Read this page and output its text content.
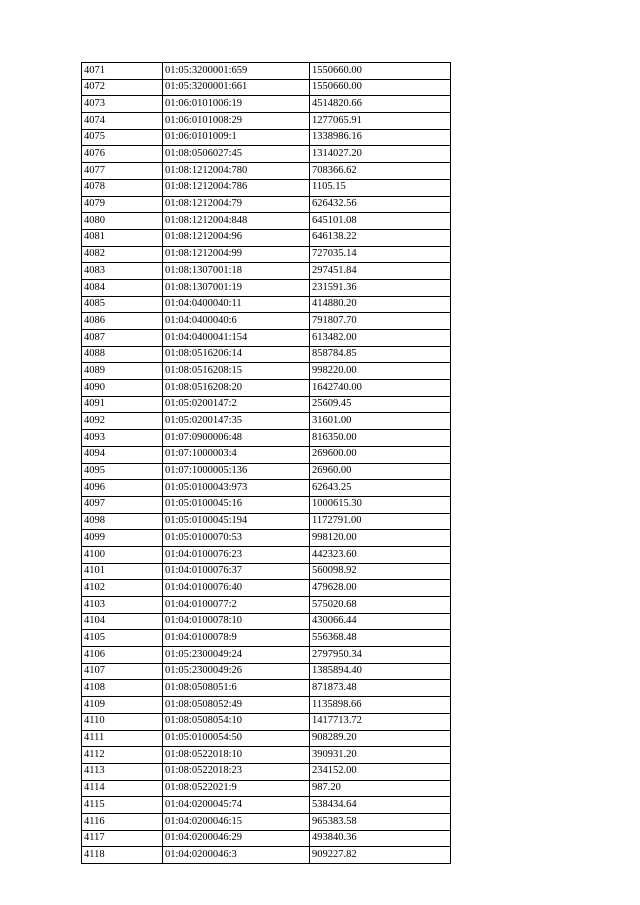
4071	01:05:3200001:659	1550660.00
4072	01:05:3200001:661	1550660.00
4073	01:06:0101006:19	4514820.66
4074	01:06:0101008:29	1277065.91
4075	01:06:0101009:1	1338986.16
4076	01:08:0506027:45	1314027.20
4077	01:08:1212004:780	708366.62
4078	01:08:1212004:786	1105.15
4079	01:08:1212004:79	626432.56
4080	01:08:1212004:848	645101.08
4081	01:08:1212004:96	646138.22
4082	01:08:1212004:99	727035.14
4083	01:08:1307001:18	297451.84
4084	01:08:1307001:19	231591.36
4085	01:04:0400040:11	414880.20
4086	01:04:0400040:6	791807.70
4087	01:04:0400041:154	613482.00
4088	01:08:0516206:14	858784.85
4089	01:08:0516208:15	998220.00
4090	01:08:0516208:20	1642740.00
4091	01:05:0200147:2	25609.45
4092	01:05:0200147:35	31601.00
4093	01:07:0900006:48	816350.00
4094	01:07:1000003:4	269600.00
4095	01:07:1000005:136	26960.00
4096	01:05:0100043:973	62643.25
4097	01:05:0100045:16	1000615.30
4098	01:05:0100045:194	1172791.00
4099	01:05:0100070:53	998120.00
4100	01:04:0100076:23	442323.60
4101	01:04:0100076:37	560098.92
4102	01:04:0100076:40	479628.00
4103	01:04:0100077:2	575020.68
4104	01:04:0100078:10	430066.44
4105	01:04:0100078:9	556368.48
4106	01:05:2300049:24	2797950.34
4107	01:05:2300049:26	1385894.40
4108	01:08:0508051:6	871873.48
4109	01:08:0508052:49	1135898.66
4110	01:08:0508054:10	1417713.72
4111	01:05:0100054:50	908289.20
4112	01:08:0522018:10	390931.20
4113	01:08:0522018:23	234152.00
4114	01:08:0522021:9	987.20
4115	01:04:0200045:74	538434.64
4116	01:04:0200046:15	965383.58
4117	01:04:0200046:29	493840.36
4118	01:04:0200046:3	909227.82
